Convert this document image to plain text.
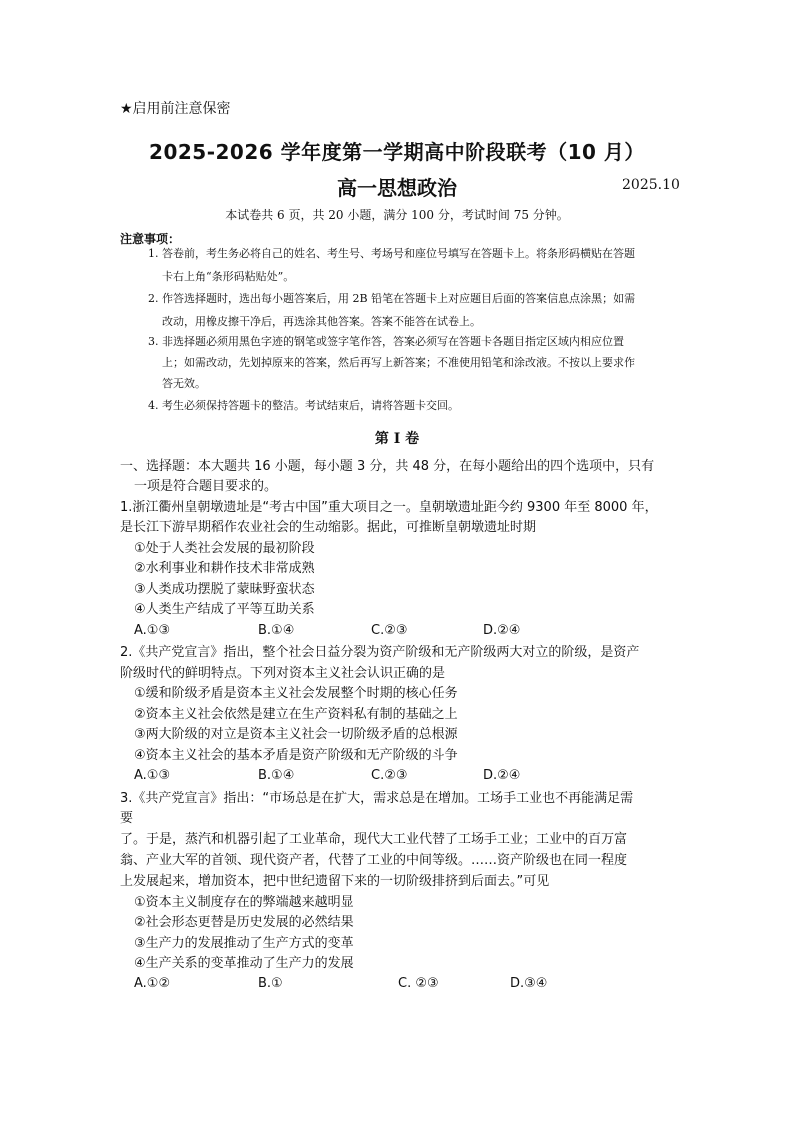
★启用前注意保密
2025-2026 学年度第一学期高中阶段联考（10 月）
高一思想政治	2025.10
本试卷共 6 页，共 20 小题，满分 100 分，考试时间 75 分钟。
注意事项：
1. 答卷前，考生务必将自己的姓名、考生号、考场号和座位号填写在答题卡上。将条形码横贴在答题
卡右上角“条形码粘贴处”。
2. 作答选择题时，选出每小题答案后，用 2B 铅笔在答题卡上对应题目后面的答案信息点涂黑；如需
改动，用橡皮擦干净后，再选涂其他答案。答案不能答在试卷上。
3. 非选择题必须用黑色字迹的钢笔或签字笔作答，答案必须写在答题卡各题目指定区域内相应位置
上；如需改动，先划掉原来的答案，然后再写上新答案；不准使用铅笔和涂改液。不按以上要求作
答无效。
4. 考生必须保持答题卡的整洁。考试结束后，请将答题卡交回。
第 I 卷
一、选择题：本大题共 16 小题，每小题 3 分，共 48 分，在每小题给出的四个选项中，只有
一项是符合题目要求的。
1.浙江衢州皇朝墩遗址是“考古中国”重大项目之一。皇朝墩遗址距今约 9300 年至 8000 年，
是长江下游早期稻作农业社会的生动缩影。据此，可推断皇朝墩遗址时期
①处于人类社会发展的最初阶段
②水利事业和耕作技术非常成熟
③人类成功摆脱了蒙昧野蛮状态
④人类生产结成了平等互助关系
A.①③	B.①④	C.②③	D.②④
2.《共产党宣言》指出，整个社会日益分裂为资产阶级和无产阶级两大对立的阶级，是资产
阶级时代的鲜明特点。下列对资本主义社会认识正确的是
①缓和阶级矛盾是资本主义社会发展整个时期的核心任务
②资本主义社会依然是建立在生产资料私有制的基础之上
③两大阶级的对立是资本主义社会一切阶级矛盾的总根源
④资本主义社会的基本矛盾是资产阶级和无产阶级的斗争
A.①③	B.①④	C.②③	D.②④
3.《共产党宣言》指出：“市场总是在扩大，需求总是在增加。工场手工业也不再能满足需
要
了。于是，蒸汽和机器引起了工业革命，现代大工业代替了工场手工业；工业中的百万富
翁、产业大军的首领、现代资产者，代替了工业的中间等级。……资产阶级也在同一程度
上发展起来，增加资本，把中世纪遗留下来的一切阶级排挤到后面去。”可见
①资本主义制度存在的弊端越来越明显
②社会形态更替是历史发展的必然结果
③生产力的发展推动了生产方式的变革
④生产关系的变革推动了生产力的发展
A.①②	B.①	C. ②③	D.③④
